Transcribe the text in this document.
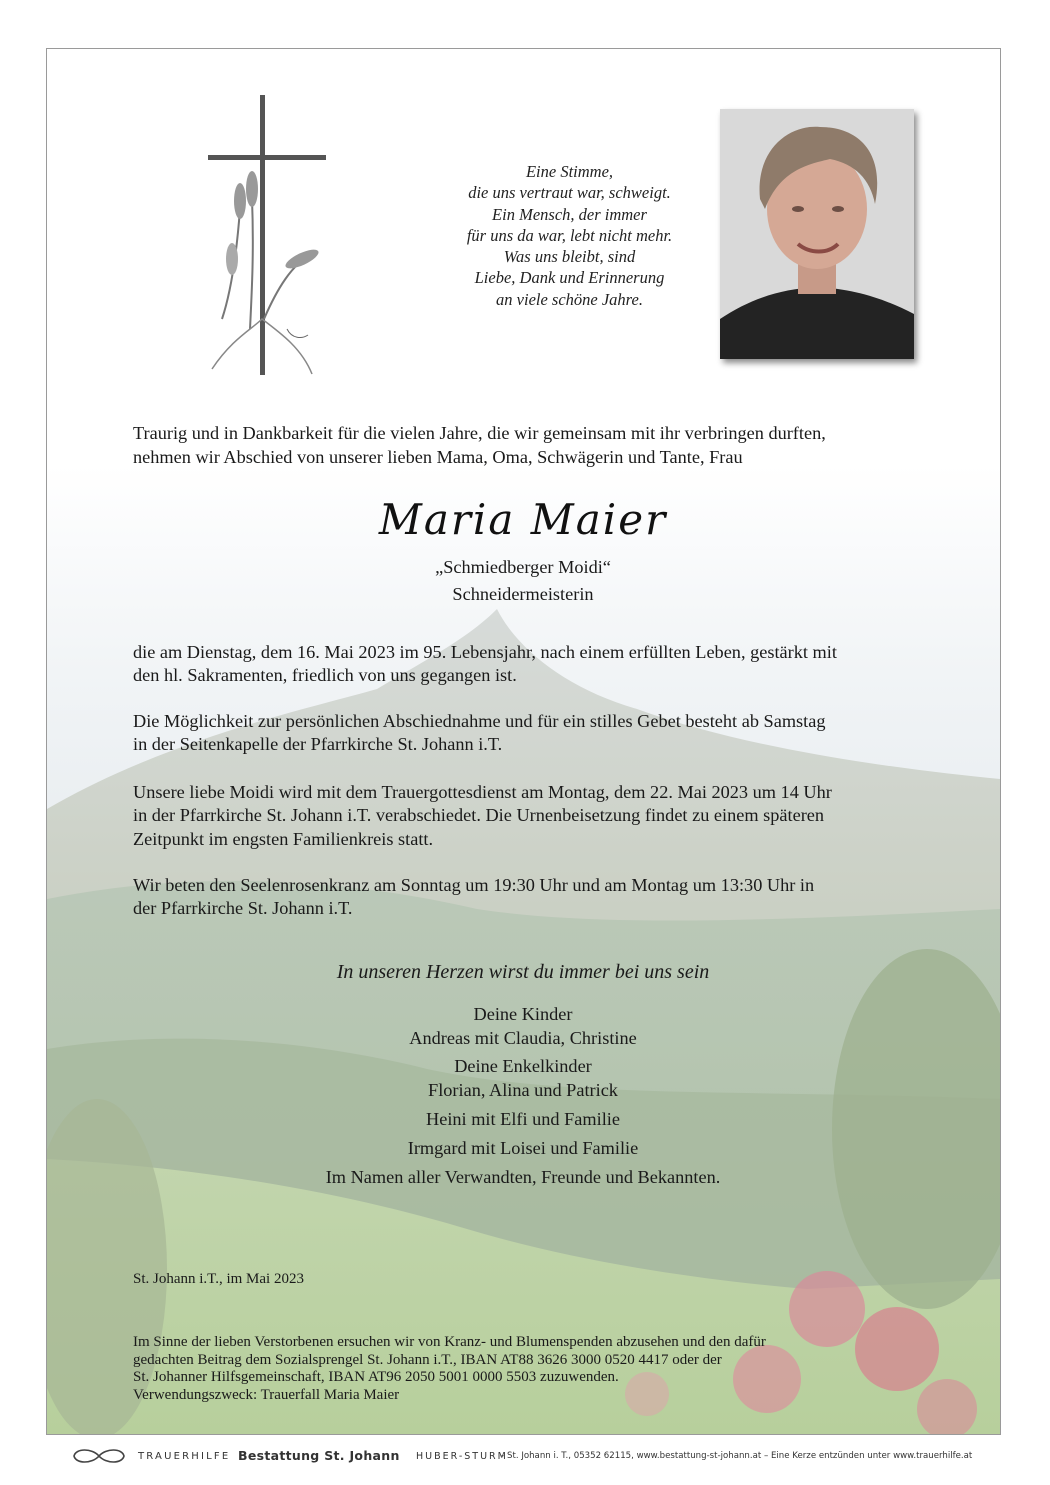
Eine Stimme,
die uns vertraut war, schweigt.
Ein Mensch, der immer
für uns da war, lebt nicht mehr.
Was uns bleibt, sind
Liebe, Dank und Erinnerung
an viele schöne Jahre.
Traurig und in Dankbarkeit für die vielen Jahre, die wir gemeinsam mit ihr verbringen durften,
nehmen wir Abschied von unserer lieben Mama, Oma, Schwägerin und Tante, Frau
Maria Maier
„Schmiedberger Moidi“
Schneidermeisterin
die am Dienstag, dem 16. Mai 2023 im 95. Lebensjahr, nach einem erfüllten Leben, gestärkt mit
den hl. Sakramenten, friedlich von uns gegangen ist.
Die Möglichkeit zur persönlichen Abschiednahme und für ein stilles Gebet besteht ab Samstag
in der Seitenkapelle der Pfarrkirche St. Johann i.T.
Unsere liebe Moidi wird mit dem Trauergottesdienst am Montag, dem 22. Mai 2023 um 14 Uhr
in der Pfarrkirche St. Johann i.T. verabschiedet. Die Urnenbeisetzung findet zu einem späteren
Zeitpunkt im engsten Familienkreis statt.
Wir beten den Seelenrosenkranz am Sonntag um 19:30 Uhr und am Montag um 13:30 Uhr in
der Pfarrkirche St. Johann i.T.
In unseren Herzen wirst du immer bei uns sein
Deine Kinder
Andreas mit Claudia, Christine
Deine Enkelkinder
Florian, Alina und Patrick
Heini mit Elfi und Familie
Irmgard mit Loisei und Familie
Im Namen aller Verwandten, Freunde und Bekannten.
St. Johann i.T., im Mai 2023
Im Sinne der lieben Verstorbenen ersuchen wir von Kranz- und Blumenspenden abzusehen und den dafür
gedachten Beitrag dem Sozialsprengel St. Johann i.T., IBAN AT88 3626 3000 0520 4417 oder der
St. Johanner Hilfsgemeinschaft, IBAN AT96 2050 5001 0000 5503 zuzuwenden.
Verwendungszweck: Trauerfall Maria Maier
TRAUERHILFE Bestattung St. Johann HUBER-STURM
– St. Johann i. T., 05352 62115, www.bestattung-st-johann.at – Eine Kerze entzünden unter www.trauerhilfe.at
